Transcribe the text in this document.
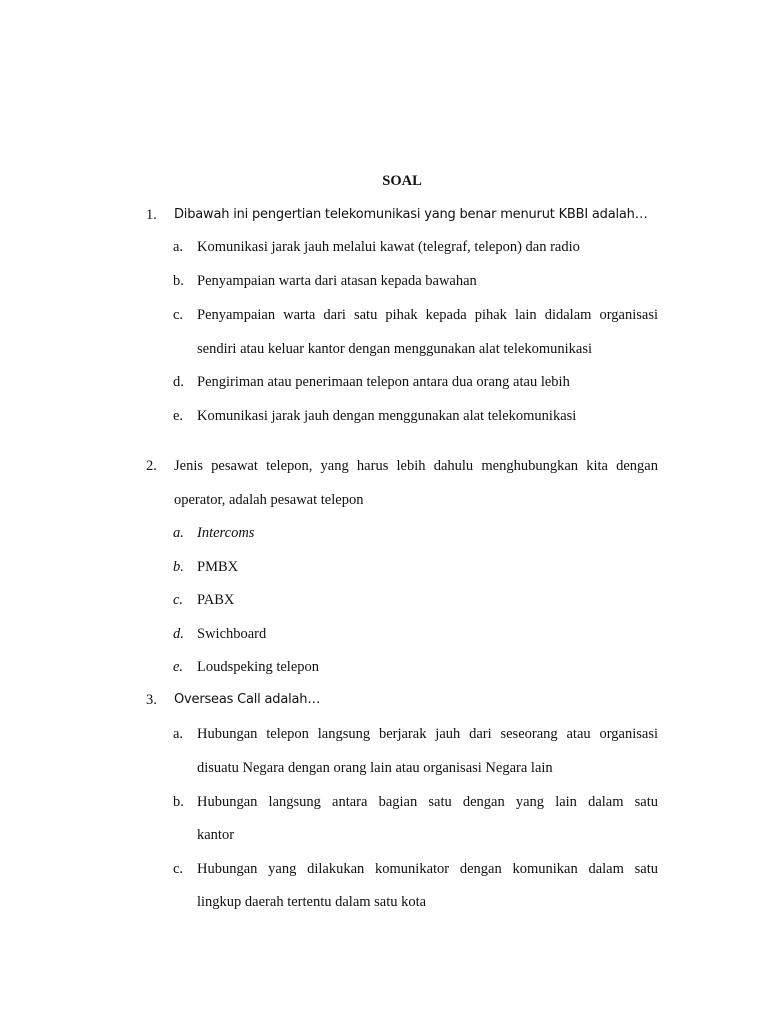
SOAL
1. Dibawah ini pengertian telekomunikasi yang benar menurut KBBI adalah…
a. Komunikasi jarak jauh melalui kawat (telegraf, telepon) dan radio
b. Penyampaian warta dari atasan kepada bawahan
c. Penyampaian warta dari satu pihak kepada pihak lain didalam organisasi
sendiri atau keluar kantor dengan menggunakan alat telekomunikasi
d. Pengiriman atau penerimaan telepon antara dua orang atau lebih
e. Komunikasi jarak jauh dengan menggunakan alat telekomunikasi
2. Jenis pesawat telepon, yang harus lebih dahulu menghubungkan kita dengan
operator, adalah pesawat telepon
a. Intercoms
b. PMBX
c. PABX
d. Swichboard
e. Loudspeking telepon
3. Overseas Call adalah…
a. Hubungan telepon langsung berjarak jauh dari seseorang atau organisasi
disuatu Negara dengan orang lain atau organisasi Negara lain
b. Hubungan langsung antara bagian satu dengan yang lain dalam satu
kantor
c. Hubungan yang dilakukan komunikator dengan komunikan dalam satu
lingkup daerah tertentu dalam satu kota
